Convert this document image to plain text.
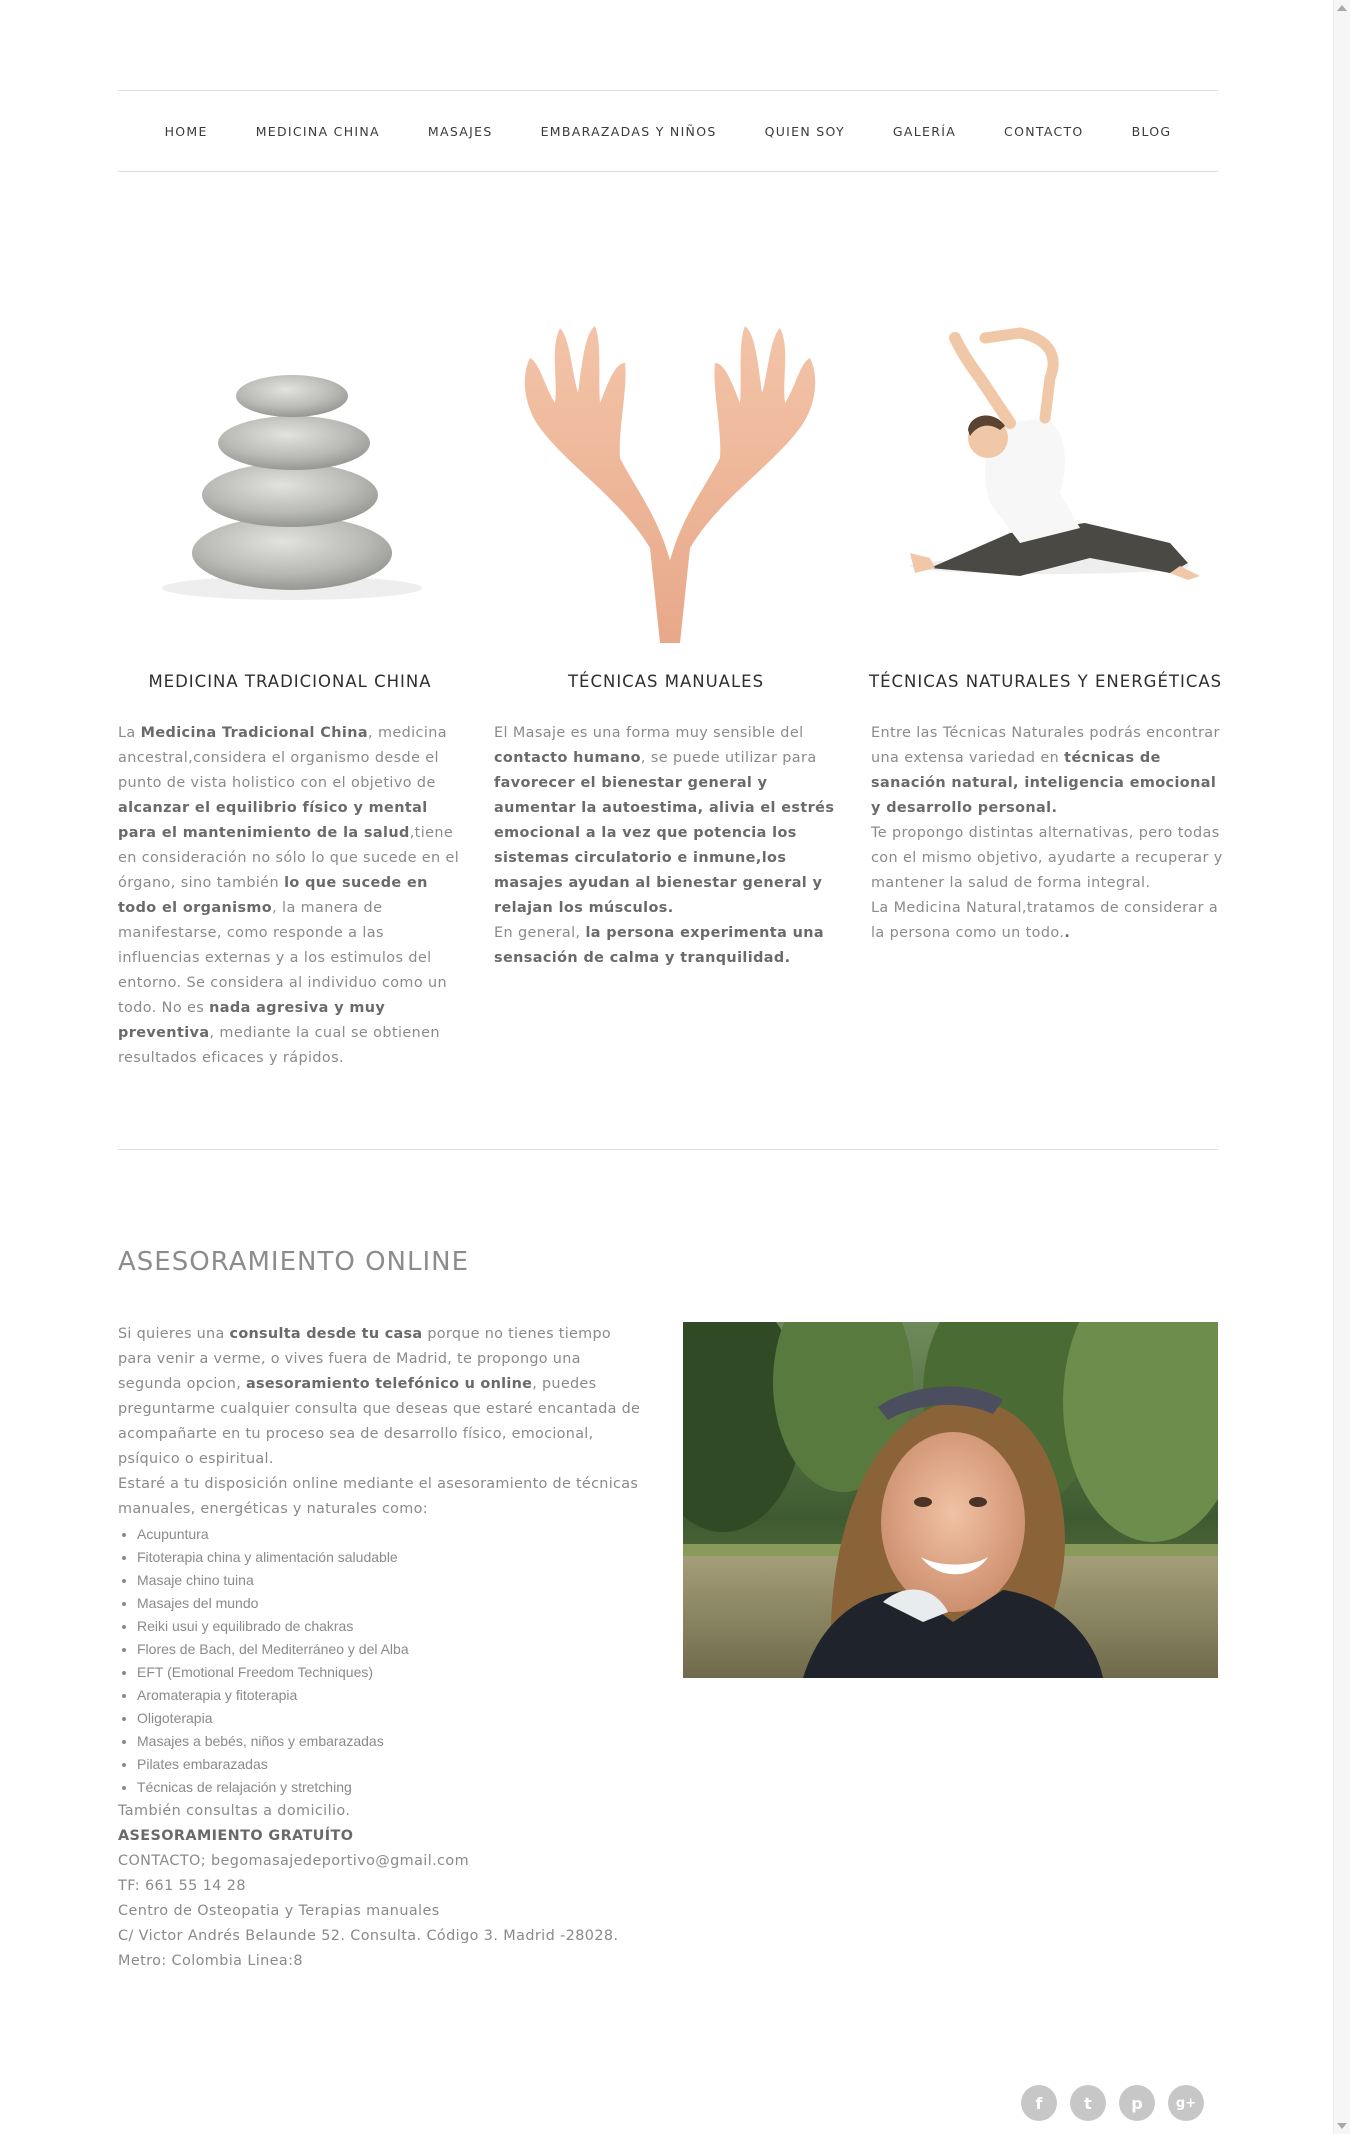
HOME	MEDICINA CHINA	MASAJES	EMBARAZADAS Y NIÑOS	QUIEN SOY	GALERÍA	CONTACTO	BLOG
MEDICINA TRADICIONAL CHINA	TÉCNICAS MANUALES	TÉCNICAS NATURALES Y ENERGÉTICAS
La Medicina Tradicional China, medicina ancestral,considera el organismo desde el punto de vista holistico con el objetivo de alcanzar el equilibrio físico y mental para el mantenimiento de la salud,tiene en consideración no sólo lo que sucede en el órgano, sino también lo que sucede en todo el organismo, la manera de manifestarse, como responde a las influencias externas y a los estimulos del entorno. Se considera al individuo como un todo. No es nada agresiva y muy preventiva, mediante la cual se obtienen resultados eficaces y rápidos.
El Masaje es una forma muy sensible del contacto humano, se puede utilizar para favorecer el bienestar general y aumentar la autoestima, alivia el estrés emocional a la vez que potencia los sistemas circulatorio e inmune,los masajes ayudan al bienestar general y relajan los músculos.
En general, la persona experimenta una sensación de calma y tranquilidad.
Entre las Técnicas Naturales podrás encontrar una extensa variedad en técnicas de sanación natural, inteligencia emocional y desarrollo personal.
Te propongo distintas alternativas, pero todas con el mismo objetivo, ayudarte a recuperar y mantener la salud de forma integral.
La Medicina Natural,tratamos de considerar a la persona como un todo..
ASESORAMIENTO ONLINE
Si quieres una consulta desde tu casa porque no tienes tiempo para venir a verme, o vives fuera de Madrid, te propongo una segunda opcion, asesoramiento telefónico u online, puedes preguntarme cualquier consulta que deseas que estaré encantada de acompañarte en tu proceso sea de desarrollo físico, emocional, psíquico o espiritual.
Estaré a tu disposición online mediante el asesoramiento de técnicas manuales, energéticas y naturales como:
• Acupuntura
• Fitoterapia china y alimentación saludable
• Masaje chino tuina
• Masajes del mundo
• Reiki usui y equilibrado de chakras
• Flores de Bach, del Mediterráneo y del Alba
• EFT (Emotional Freedom Techniques)
• Aromaterapia y fitoterapia
• Oligoterapia
• Masajes a bebés, niños y embarazadas
• Pilates embarazadas
• Técnicas de relajación y stretching
También consultas a domicilio.
ASESORAMIENTO GRATUÍTO
CONTACTO; begomasajedeportivo@gmail.com
TF: 661 55 14 28
Centro de Osteopatia y Terapias manuales
C/ Victor Andrés Belaunde 52. Consulta. Código 3. Madrid -28028.
Metro: Colombia Linea:8
f	t	p	g+
